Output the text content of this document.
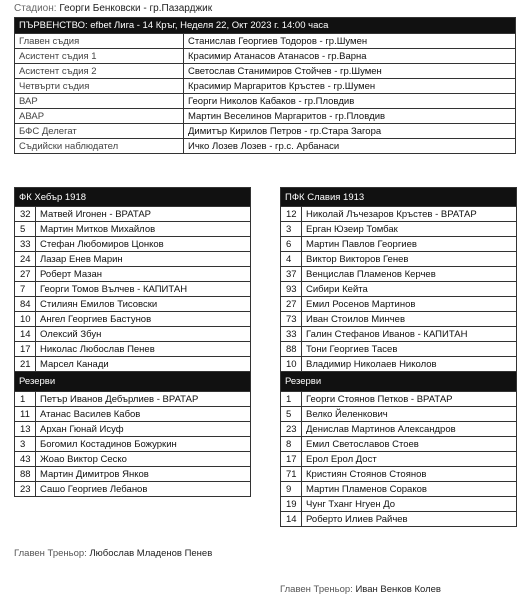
Стадион: Георги Бенковски - гр.Пазарджик
ПЪРВЕНСТВО: efbet Лига - 14 Кръг, Неделя 22, Окт 2023 г. 14:00 часа	
Главен съдия	Станислав Георгиев Тодоров - гр.Шумен
Асистент съдия 1	Красимир Атанасов Атанасов - гр.Варна
Асистент съдия 2	Светослав Станимиров Стойчев - гр.Шумен
Четвърти съдия	Красимир Маргаритов Кръстев - гр.Шумен
ВАР	Георги Николов Кабаков - гр.Пловдив
АВАР	Мартин Веселинов Маргаритов - гр.Пловдив
БФС Делегат	Димитър Кирилов Петров - гр.Стара Загора
Съдийски наблюдател	Ичко Лозев Лозев - гр.с. Арбанаси
ФК Хебър 1918	
32	Матвей Игонен - ВРАТАР
5	Мартин Митков Михайлов
33	Стефан Любомиров Цонков
24	Лазар Енев Марин
27	Роберт Мазан
7	Георги Томов Вълчев - КАПИТАН
84	Стилиян Емилов Тисовски
10	Ангел Георгиев Бастунов
14	Олексий Збун
17	Николас Любослав Пенев
21	Марсел Канади
Резерви	
1	Петър Иванов Дебърлиев - ВРАТАР
11	Атанас Василев Кабов
13	Архан Гюнай Исуф
3	Богомил Костадинов Божуркин
43	Жоао Виктор Сеско
88	Мартин Димитров Янков
23	Сашо Георгиев Лебанов
ПФК Славия 1913	
12	Николай Лъчезаров Кръстев - ВРАТАР
3	Ерган Юзеир Томбак
6	Мартин Павлов Георгиев
4	Виктор Викторов Генев
37	Венцислав Пламенов Керчев
93	Сибири Кейта
27	Емил Росенов Мартинов
73	Иван Стоилов Минчев
33	Галин Стефанов Иванов - КАПИТАН
88	Тони Георгиев Тасев
10	Владимир Николаев Николов
Резерви	
1	Георги Стоянов Петков - ВРАТАР
5	Велко Йеленкович
23	Денислав Мартинов Александров
8	Емил Светославов Стоев
17	Ерол Ерол Дост
71	Кристиян Стоянов Стоянов
9	Мартин Пламенов Сораков
19	Чунг Тханг Нгуен До
14	Роберто Илиев Райчев
Главен Треньор: Любослав Младенов Пенев
Главен Треньор: Иван Венков Колев
